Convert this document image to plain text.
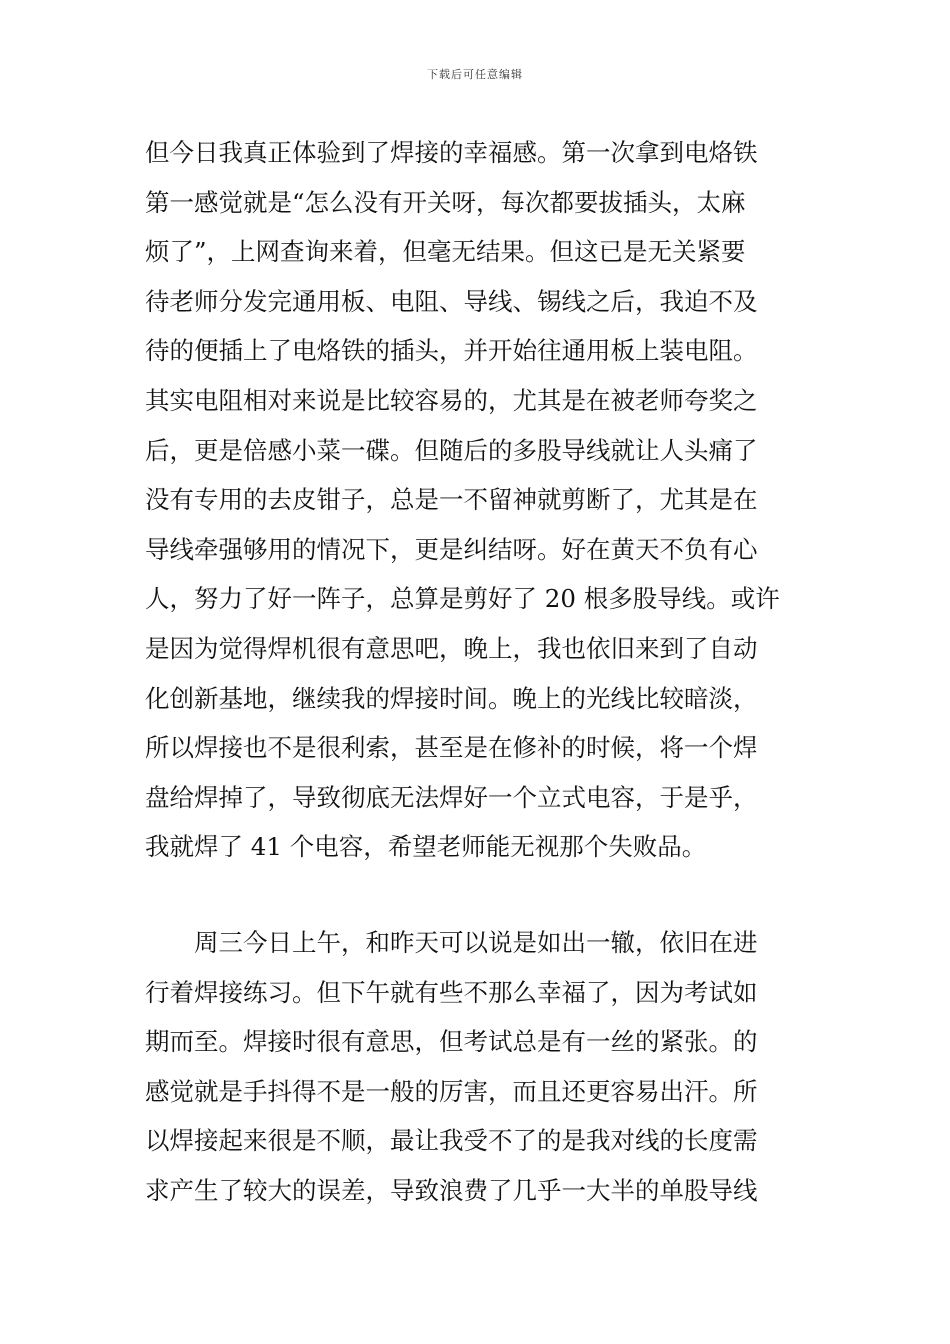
下载后可任意编辑
但今日我真正体验到了焊接的幸福感。第一次拿到电烙铁
第一感觉就是“怎么没有开关呀，每次都要拔插头，太麻
烦了”，上网查询来着，但毫无结果。但这已是无关紧要
待老师分发完通用板、电阻、导线、锡线之后，我迫不及
待的便插上了电烙铁的插头，并开始往通用板上装电阻。
其实电阻相对来说是比较容易的，尤其是在被老师夸奖之
后，更是倍感小菜一碟。但随后的多股导线就让人头痛了
没有专用的去皮钳子，总是一不留神就剪断了，尤其是在
导线牵强够用的情况下，更是纠结呀。好在黄天不负有心
人，努力了好一阵子，总算是剪好了 20 根多股导线。或许
是因为觉得焊机很有意思吧，晚上，我也依旧来到了自动
化创新基地，继续我的焊接时间。晚上的光线比较暗淡，
所以焊接也不是很利索，甚至是在修补的时候，将一个焊
盘给焊掉了，导致彻底无法焊好一个立式电容，于是乎，
我就焊了 41 个电容，希望老师能无视那个失败品。
　　周三今日上午，和昨天可以说是如出一辙，依旧在进
行着焊接练习。但下午就有些不那么幸福了，因为考试如
期而至。焊接时很有意思，但考试总是有一丝的紧张。的
感觉就是手抖得不是一般的厉害，而且还更容易出汗。所
以焊接起来很是不顺，最让我受不了的是我对线的长度需
求产生了较大的误差，导致浪费了几乎一大半的单股导线
